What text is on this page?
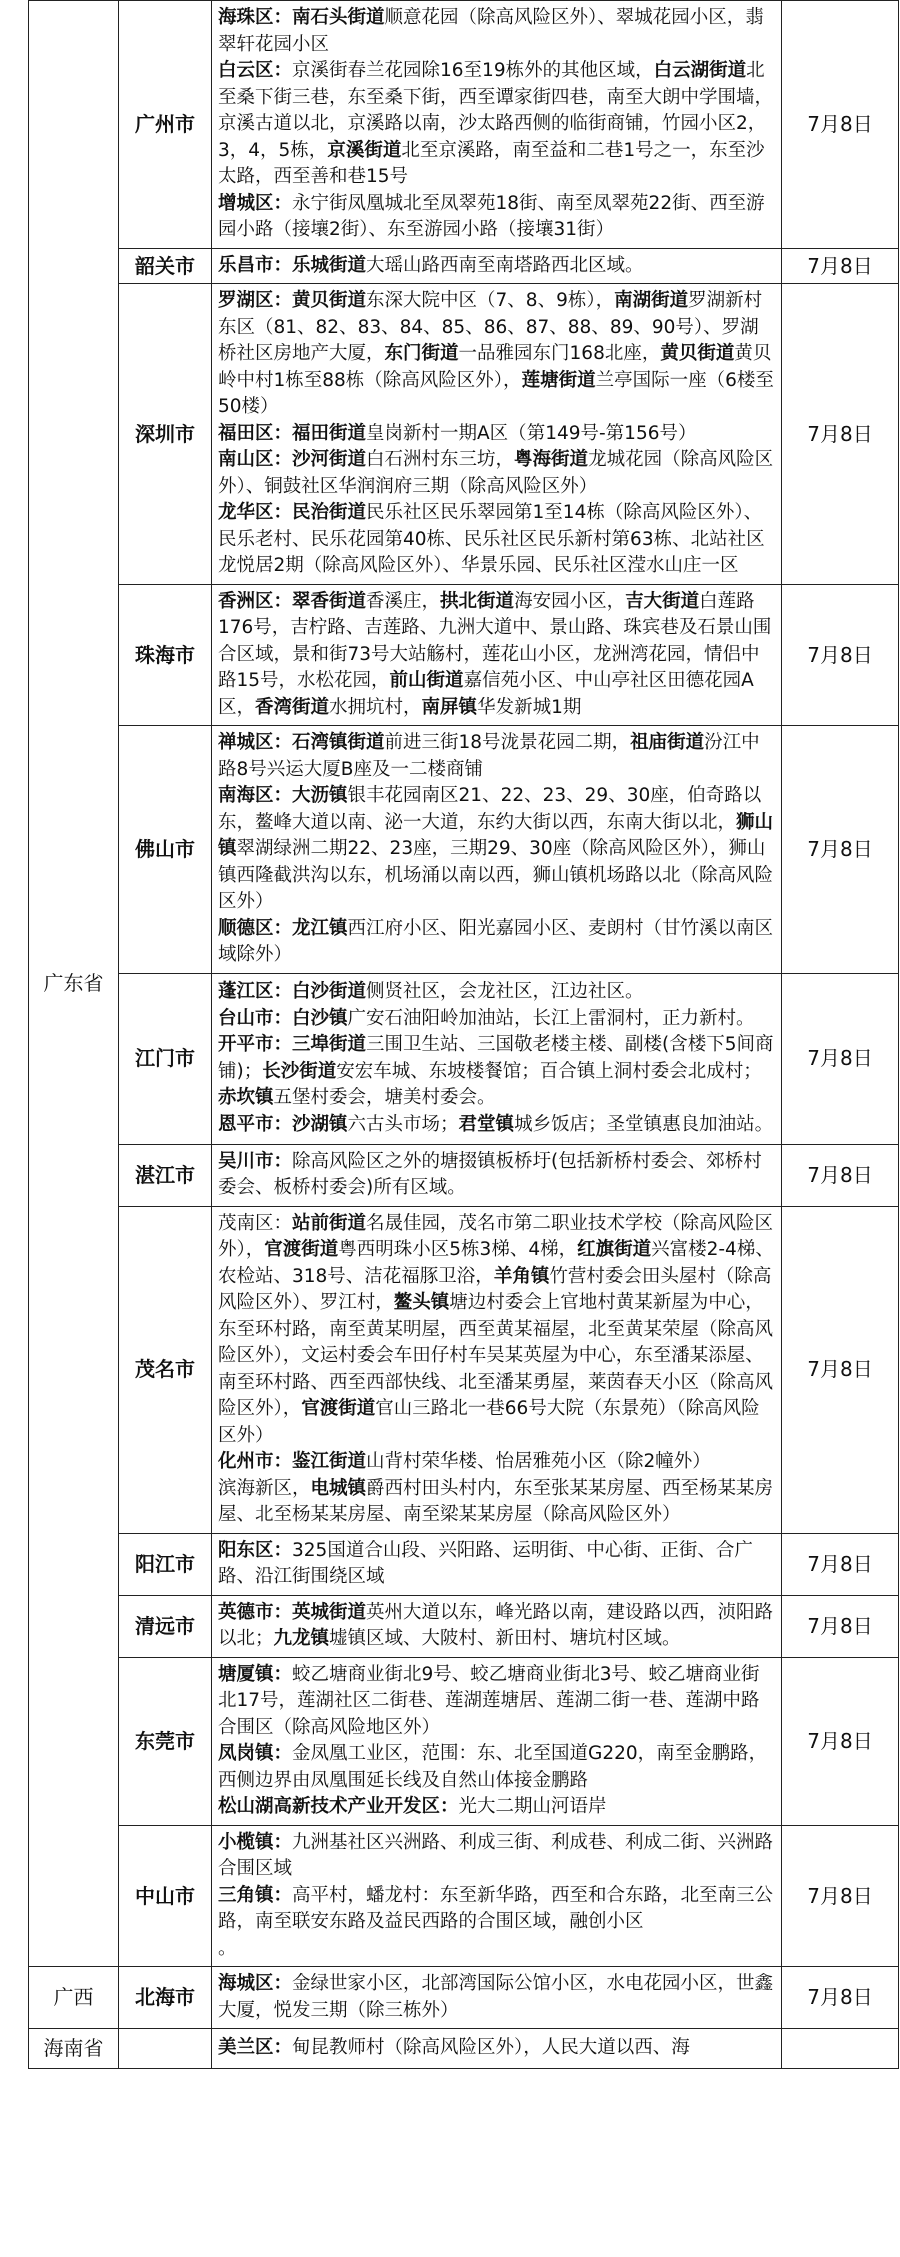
广东省	广州市	海珠区：南石头街道顺意花园（除高风险区外）、翠城花园小区，翡翠轩花园小区

白云区：京溪街春兰花园除16至19栋外的其他区域，白云湖街道北至桑下街三巷，东至桑下街，西至谭家街四巷，南至大朗中学围墙，京溪古道以北，京溪路以南，沙太路西侧的临街商铺，竹园小区2，3，4，5栋，京溪街道北至京溪路，南至益和二巷1号之一，东至沙太路，西至善和巷15号

增城区：永宁街凤凰城北至凤翠苑18街、南至凤翠苑22街、西至游园小路（接壤2街）、东至游园小路（接壤31街）	7月8日
	韶关市	乐昌市：乐城街道大瑶山路西南至南塔路西北区域。	7月8日
	深圳市	罗湖区：黄贝街道东深大院中区（7、8、9栋），南湖街道罗湖新村东区（81、82、83、84、85、86、87、88、89、90号）、罗湖桥社区房地产大厦，东门街道一品雅园东门168北座，黄贝街道黄贝岭中村1栋至88栋（除高风险区外），莲塘街道兰亭国际一座（6楼至50楼）

福田区：福田街道皇岗新村一期A区（第149号-第156号）

南山区：沙河街道白石洲村东三坊，粤海街道龙城花园（除高风险区外）、铜鼓社区华润润府三期（除高风险区外）

龙华区：民治街道民乐社区民乐翠园第1至14栋（除高风险区外）、民乐老村、民乐花园第40栋、民乐社区民乐新村第63栋、北站社区龙悦居2期（除高风险区外）、华景乐园、民乐社区滢水山庄一区	7月8日
	珠海市	香洲区：翠香街道香溪庄，拱北街道海安园小区，吉大街道白莲路176号，吉柠路、吉莲路、九洲大道中、景山路、珠宾巷及石景山围合区域，景和街73号大站觞村，莲花山小区，龙洲湾花园，情侣中路15号，水松花园，前山街道嘉信苑小区、中山亭社区田德花园A区，香湾街道水拥坑村，南屏镇华发新城1期	7月8日
	佛山市	禅城区：石湾镇街道前进三街18号泷景花园二期，祖庙街道汾江中路8号兴运大厦B座及一二楼商铺

南海区：大沥镇银丰花园南区21、22、23、29、30座，伯奇路以东，鳌峰大道以南、泌一大道，东约大街以西，东南大街以北，狮山镇翠湖绿洲二期22、23座，三期29、30座（除高风险区外），狮山镇西隆截洪沟以东，机场涌以南以西，狮山镇机场路以北（除高风险区外）

顺德区：龙江镇西江府小区、阳光嘉园小区、麦朗村（甘竹溪以南区域除外）	7月8日
	江门市	蓬江区：白沙街道侧贤社区，会龙社区，江边社区。

台山市：白沙镇广安石油阳岭加油站，长江上雷洞村，正力新村。

开平市：三埠街道三围卫生站、三国敬老楼主楼、副楼(含楼下5间商铺)；长沙街道安宏车城、东坡楼餐馆；百合镇上洞村委会北成村；赤坎镇五堡村委会，塘美村委会。

恩平市：沙湖镇六古头市场；君堂镇城乡饭店；圣堂镇惠良加油站。	7月8日
	湛江市	吴川市：除高风险区之外的塘掇镇板桥圩(包括新桥村委会、郊桥村委会、板桥村委会)所有区域。	7月8日
	茂名市	茂南区：站前街道名晟佳园，茂名市第二职业技术学校（除高风险区外），官渡街道粤西明珠小区5栋3梯、4梯，红旗街道兴富楼2-4梯、农检站、318号、洁花福豚卫浴，羊角镇竹营村委会田头屋村（除高风险区外）、罗江村，鳌头镇塘边村委会上官地村黄某新屋为中心，东至环村路，南至黄某明屋，西至黄某福屋，北至黄某荣屋（除高风险区外），文运村委会车田仔村车吴某英屋为中心，东至潘某添屋、南至环村路、西至西部快线、北至潘某勇屋，莱茵春天小区（除高风险区外），官渡街道官山三路北一巷66号大院（东景苑）（除高风险区外）

化州市：鉴江街道山背村荣华楼、怡居雅苑小区（除2幢外）

滨海新区，电城镇爵西村田头村内，东至张某某房屋、西至杨某某房屋、北至杨某某房屋、南至梁某某房屋（除高风险区外）	7月8日
	阳江市	阳东区：325国道合山段、兴阳路、运明街、中心街、正街、合广路、沿江街围绕区域	7月8日
	清远市	英德市：英城街道英州大道以东，峰光路以南，建设路以西，浈阳路以北；九龙镇墟镇区域、大陂村、新田村、塘坑村区域。	7月8日
	东莞市	塘厦镇：蛟乙塘商业街北9号、蛟乙塘商业街北3号、蛟乙塘商业街北17号，莲湖社区二街巷、莲湖莲塘居、莲湖二街一巷、莲湖中路合围区（除高风险地区外）

凤岗镇：金凤凰工业区，范围：东、北至国道G220，南至金鹏路，西侧边界由凤凰围延长线及自然山体接金鹏路

松山湖高新技术产业开发区：光大二期山河语岸	7月8日
	中山市	小榄镇：九洲基社区兴洲路、利成三街、利成巷、利成二街、兴洲路合围区域

三角镇：高平村，蟠龙村：东至新华路，西至和合东路，北至南三公路，南至联安东路及益民西路的合围区域，融创小区

。	7月8日
广西	北海市	海城区：金绿世家小区，北部湾国际公馆小区，水电花园小区，世鑫大厦，悦发三期（除三栋外）	7月8日
海南省		美兰区：甸昆教师村（除高风险区外），人民大道以西、海	
